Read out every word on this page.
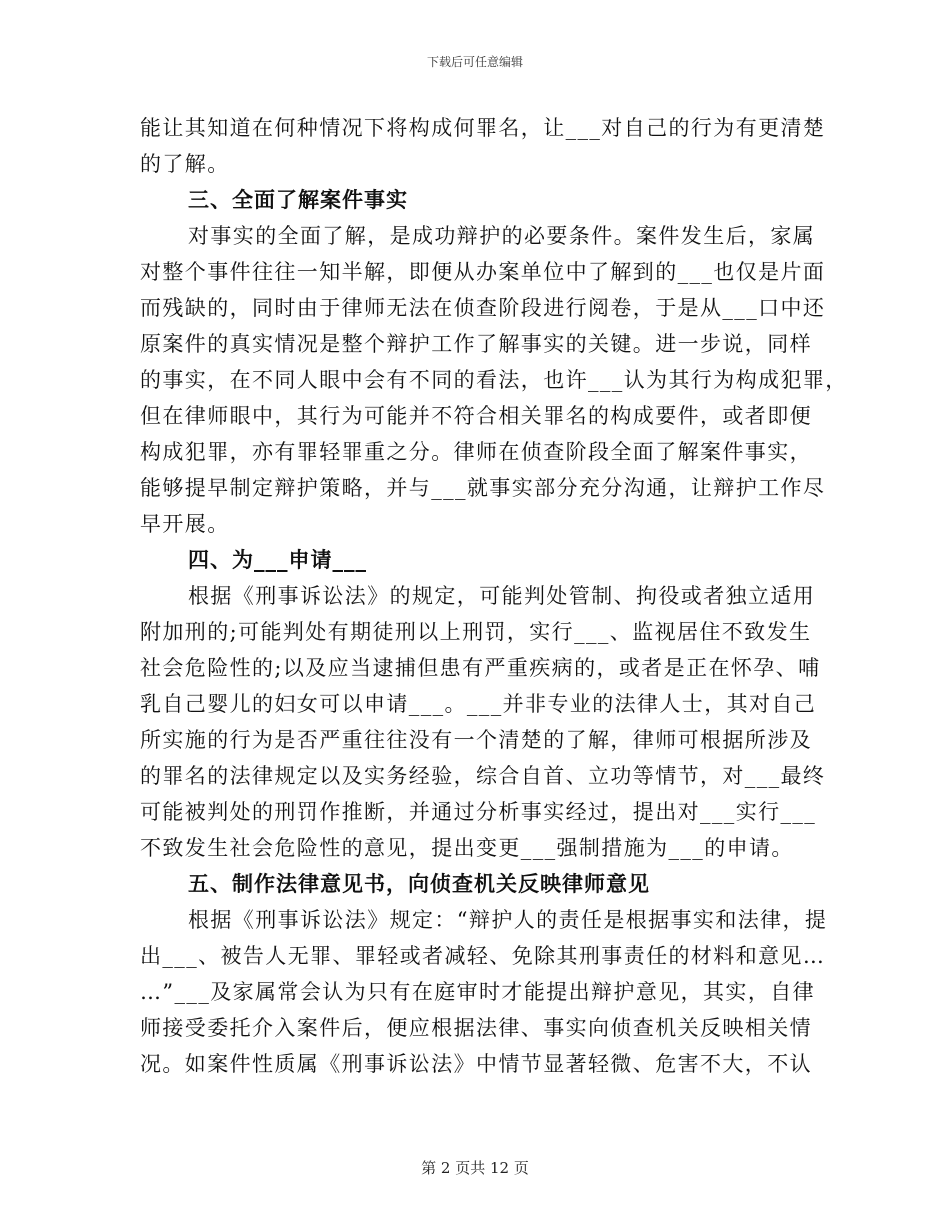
下载后可任意编辑
能让其知道在何种情况下将构成何罪名，让___对自己的行为有更清楚
的了解。
三、全面了解案件事实
对事实的全面了解，是成功辩护的必要条件。案件发生后，家属
对整个事件往往一知半解，即便从办案单位中了解到的___也仅是片面
而残缺的，同时由于律师无法在侦查阶段进行阅卷，于是从___口中还
原案件的真实情况是整个辩护工作了解事实的关键。进一步说，同样
的事实，在不同人眼中会有不同的看法，也许___认为其行为构成犯罪，
但在律师眼中，其行为可能并不符合相关罪名的构成要件，或者即便
构成犯罪，亦有罪轻罪重之分。律师在侦查阶段全面了解案件事实，
能够提早制定辩护策略，并与___就事实部分充分沟通，让辩护工作尽
早开展。
四、为___申请___
根据《刑事诉讼法》的规定，可能判处管制、拘役或者独立适用
附加刑的;可能判处有期徒刑以上刑罚，实行___、监视居住不致发生
社会危险性的;以及应当逮捕但患有严重疾病的，或者是正在怀孕、哺
乳自己婴儿的妇女可以申请___。___并非专业的法律人士，其对自己
所实施的行为是否严重往往没有一个清楚的了解，律师可根据所涉及
的罪名的法律规定以及实务经验，综合自首、立功等情节，对___最终
可能被判处的刑罚作推断，并通过分析事实经过，提出对___实行___
不致发生社会危险性的意见，提出变更___强制措施为___的申请。
五、制作法律意见书，向侦查机关反映律师意见
根据《刑事诉讼法》规定：“辩护人的责任是根据事实和法律，提
出___、被告人无罪、罪轻或者减轻、免除其刑事责任的材料和意见…
…”___及家属常会认为只有在庭审时才能提出辩护意见，其实，自律
师接受委托介入案件后，便应根据法律、事实向侦查机关反映相关情
况。如案件性质属《刑事诉讼法》中情节显著轻微、危害不大，不认
第 2 页共 12 页
